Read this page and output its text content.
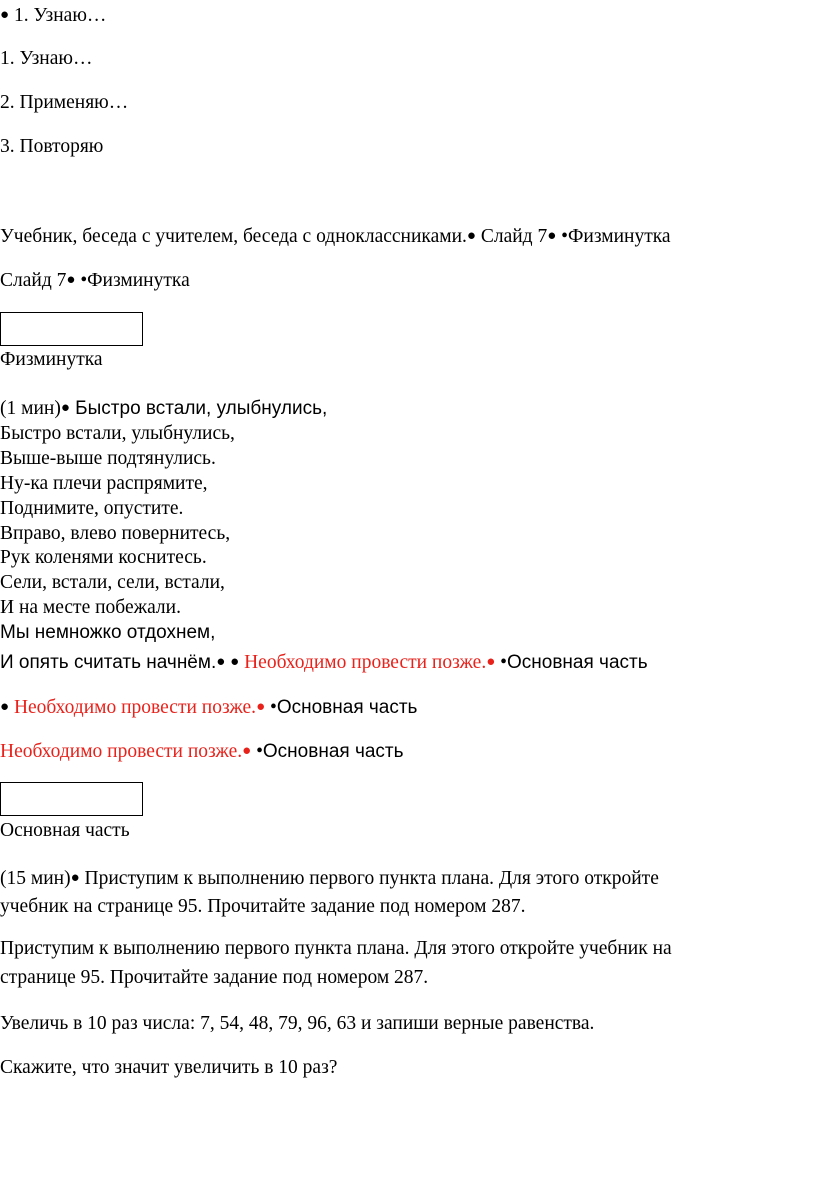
● 1. Узнаю…
1. Узнаю…
2. Применяю…
3. Повторяю
Учебник, беседа с учителем, беседа с одноклассниками.● Слайд 7● •Физминутка
Слайд 7● •Физминутка
Физминутка
(1 мин)● Быстро встали, улыбнулись,
Быстро встали, улыбнулись,
Выше-выше подтянулись.
Ну-ка плечи распрямите,
Поднимите, опустите.
Вправо, влево повернитесь,
Рук коленями коснитесь.
Сели, встали, сели, встали,
И на месте побежали.
Мы немножко отдохнем,
И опять считать начнём.● ● Необходимо провести позже.● •Основная часть
● Необходимо провести позже.● •Основная часть
Необходимо провести позже.● •Основная часть
Основная часть
(15 мин)● Приступим к выполнению первого пункта плана. Для этого откройте
учебник на странице 95. Прочитайте задание под номером 287.
Приступим к выполнению первого пункта плана. Для этого откройте учебник на
странице 95. Прочитайте задание под номером 287.
Увеличь в 10 раз числа: 7, 54, 48, 79, 96, 63 и запиши верные равенства.
Скажите, что значит увеличить в 10 раз?
